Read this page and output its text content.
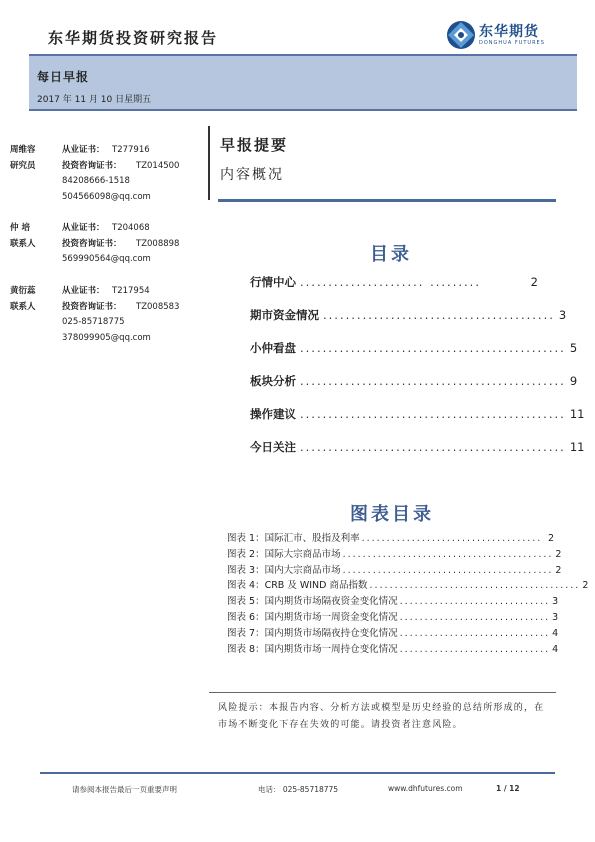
东华期货投资研究报告	东华期货
DONGHUA FUTURES
每日早报
2017 年 11 月 10 日星期五
周维容	从业证书： T277916
研究员	投资咨询证书：	TZ014500
84208666-1518
504566098@qq.com
仲 培	从业证书： T204068
联系人	投资咨询证书：	TZ008898
569990564@qq.com
黄衍蕊	从业证书： T217954
联系人	投资咨询证书：	TZ008583
025-85718775
378099905@qq.com
早报提要
内容概况
目录
行情中心 ...................... .........	2
期市资金情况 ......................................... 3
小仲看盘 ............................................... 5
板块分析 ............................................... 9
操作建议 ............................................... 11
今日关注 ............................................... 11
图表目录
图表 1：国际汇市、股指及利率 .................................... 2
图表 2：国际大宗商品市场 .......................................... 2
图表 3：国内大宗商品市场 .......................................... 2
图表 4：CRB 及 WIND 商品指数 .......................................... 2
图表 5：国内期货市场隔夜资金变化情况 .............................. 3
图表 6：国内期货市场一周资金变化情况 .............................. 3
图表 7：国内期货市场隔夜持仓变化情况 .............................. 4
图表 8：国内期货市场一周持仓变化情况 .............................. 4
风险提示：本报告内容、分析方法或模型是历史经验的总结所形成的，在市场不断变化下存在失效的可能。请投资者注意风险。
请参阅本报告最后一页重要声明	电话： 025-85718775	www.dhfutures.com	1 / 12
